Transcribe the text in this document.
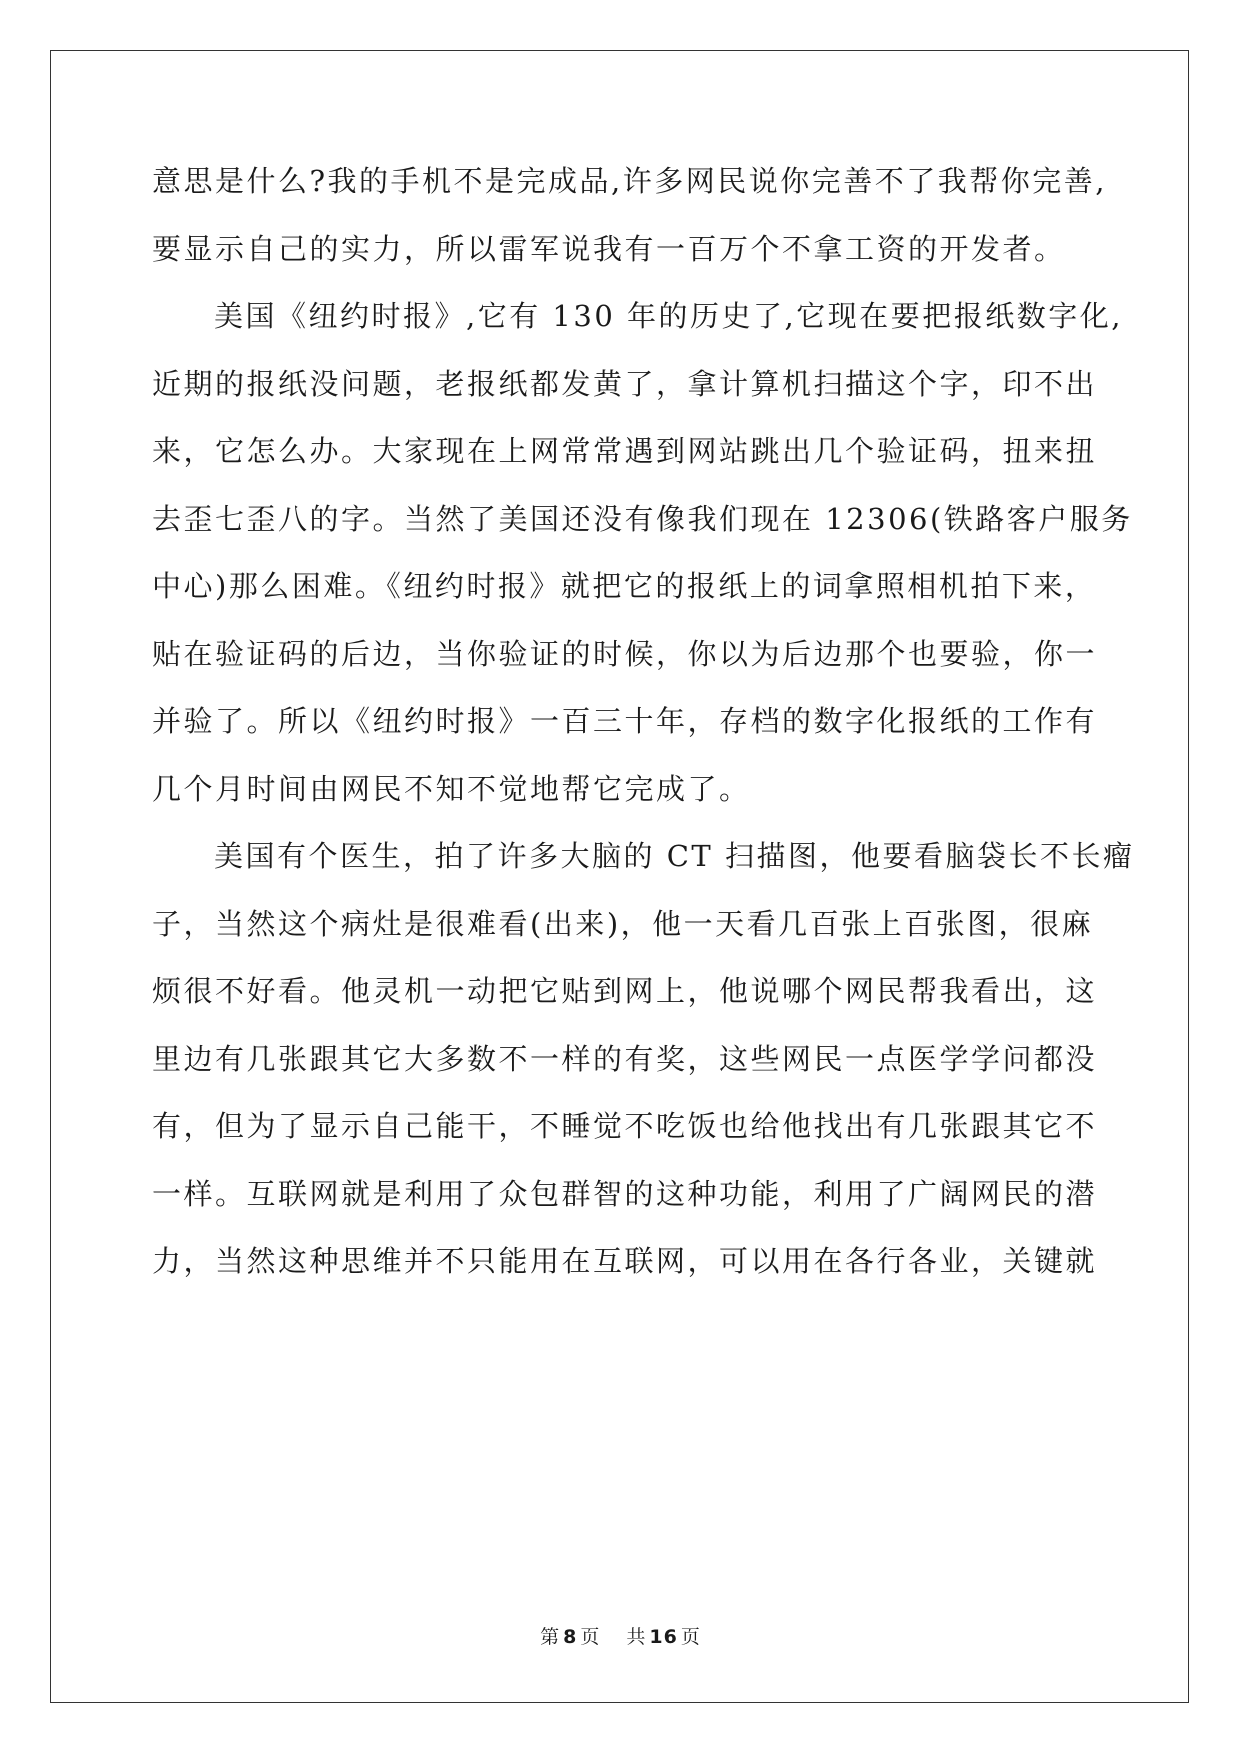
意思是什么?我的手机不是完成品,许多网民说你完善不了我帮你完善,
要显示自己的实力，所以雷军说我有一百万个不拿工资的开发者。
美国《纽约时报》,它有 130 年的历史了,它现在要把报纸数字化,
近期的报纸没问题，老报纸都发黄了，拿计算机扫描这个字，印不出
来，它怎么办。大家现在上网常常遇到网站跳出几个验证码，扭来扭
去歪七歪八的字。当然了美国还没有像我们现在 12306(铁路客户服务
中心)那么困难。《纽约时报》就把它的报纸上的词拿照相机拍下来，
贴在验证码的后边，当你验证的时候，你以为后边那个也要验，你一
并验了。所以《纽约时报》一百三十年，存档的数字化报纸的工作有
几个月时间由网民不知不觉地帮它完成了。
美国有个医生，拍了许多大脑的 CT 扫描图，他要看脑袋长不长瘤
子，当然这个病灶是很难看(出来)，他一天看几百张上百张图，很麻
烦很不好看。他灵机一动把它贴到网上，他说哪个网民帮我看出，这
里边有几张跟其它大多数不一样的有奖，这些网民一点医学学问都没
有，但为了显示自己能干，不睡觉不吃饭也给他找出有几张跟其它不
一样。互联网就是利用了众包群智的这种功能，利用了广阔网民的潜
力，当然这种思维并不只能用在互联网，可以用在各行各业，关键就
第 8 页 共 16 页
